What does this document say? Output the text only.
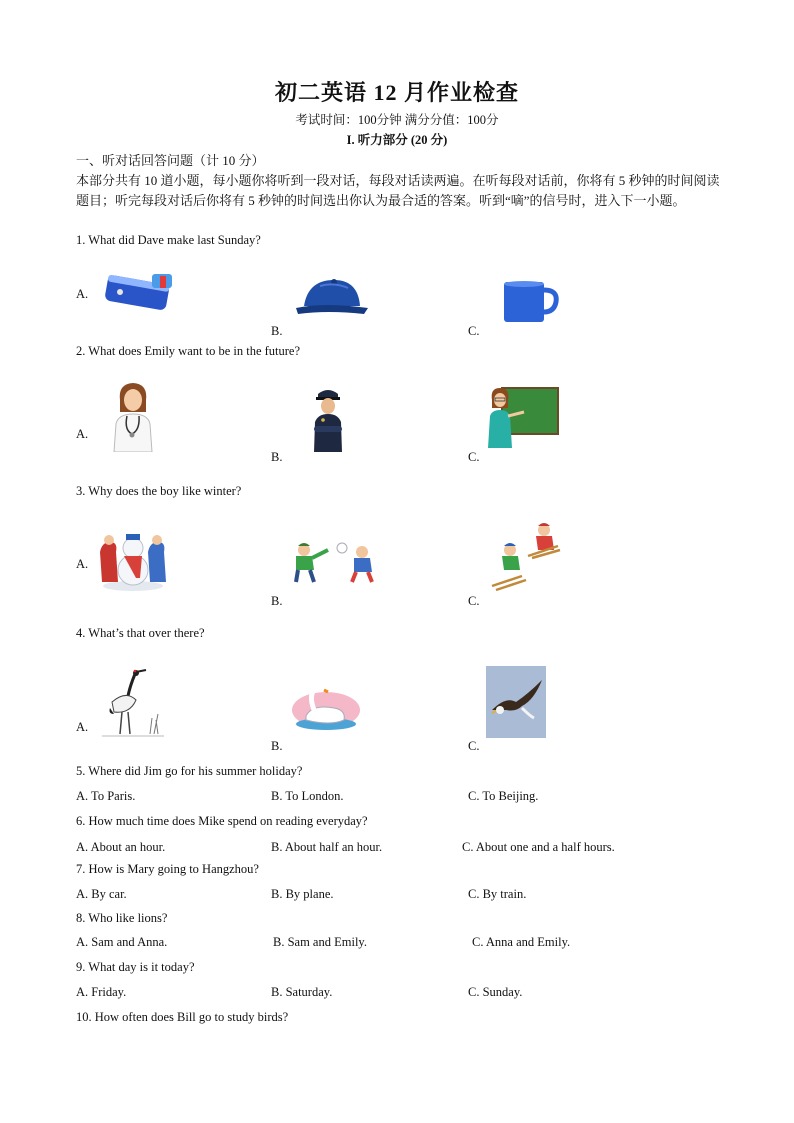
初二英语 12 月作业检查
考试时间：100分钟 满分分值：100分
I. 听力部分 (20 分)
一、听对话回答问题（计 10 分）
本部分共有 10 道小题，每小题你将听到一段对话，每段对话读两遍。在听每段对话前，你将有 5 秒钟的时间阅读题目；听完每段对话后你将有 5 秒钟的时间选出你认为最合适的答案。听到“嘀”的信号时，进入下一小题。
1. What did Dave make last Sunday?
A.
B.	C.
2. What does Emily want to be in the future?
A.
B.	C.
3. Why does the boy like winter?
A.
B.	C.
4. What’s that over there?
A.
B.	C.
5. Where did Jim go for his summer holiday?
A. To Paris.	B. To London.	C. To Beijing.
6. How much time does Mike spend on reading everyday?
A. About an hour.	B. About half an hour.	C. About one and a half hours.
7. How is Mary going to Hangzhou?
A. By car.	B. By plane.	C. By train.
8. Who like lions?
A. Sam and Anna.	B. Sam and Emily.	C. Anna and Emily.
9. What day is it today?
A. Friday.	B. Saturday.	C. Sunday.
10. How often does Bill go to study birds?
